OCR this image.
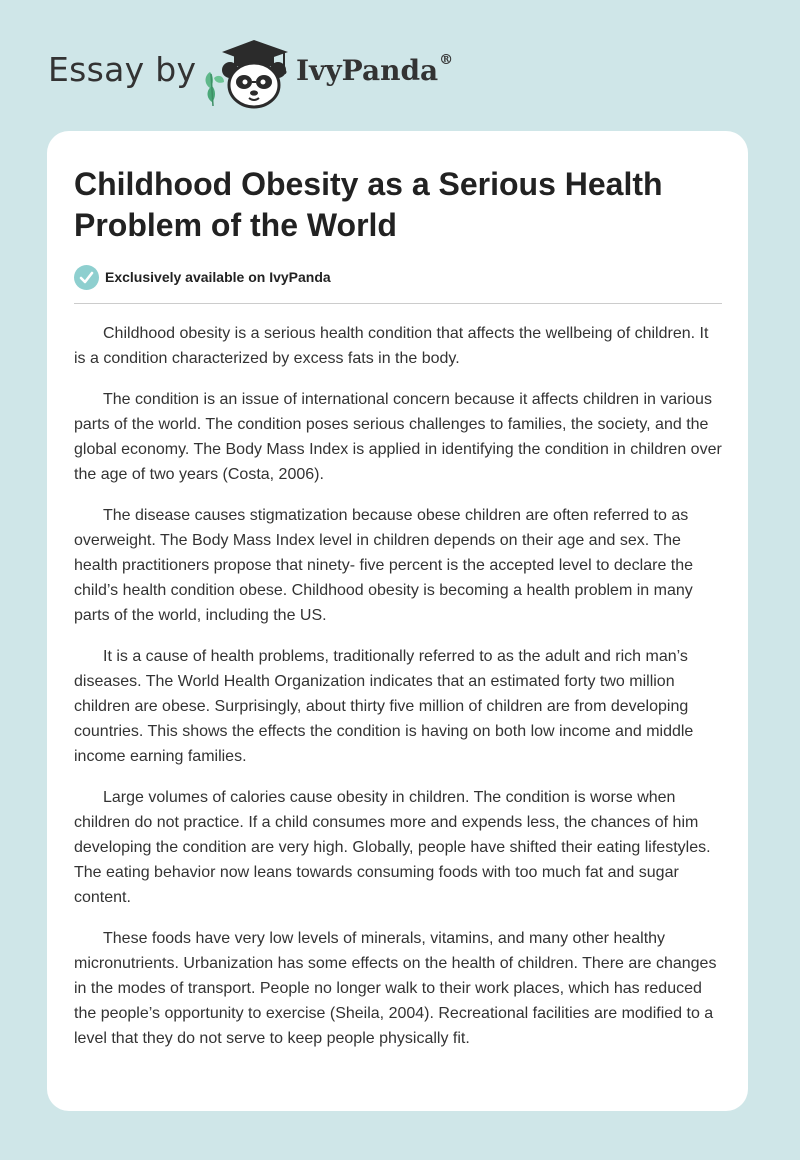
Essay by	IvyPanda®
Childhood Obesity as a Serious Health Problem of the World
Exclusively available on IvyPanda

Childhood obesity is a serious health condition that affects the wellbeing of children. It is a condition characterized by excess fats in the body.

The condition is an issue of international concern because it affects children in various parts of the world. The condition poses serious challenges to families, the society, and the global economy. The Body Mass Index is applied in identifying the condition in children over the age of two years (Costa, 2006).

The disease causes stigmatization because obese children are often referred to as overweight. The Body Mass Index level in children depends on their age and sex. The health practitioners propose that ninety- five percent is the accepted level to declare the child’s health condition obese. Childhood obesity is becoming a health problem in many parts of the world, including the US.

It is a cause of health problems, traditionally referred to as the adult and rich man’s diseases. The World Health Organization indicates that an estimated forty two million children are obese. Surprisingly, about thirty five million of children are from developing countries. This shows the effects the condition is having on both low income and middle income earning families.

Large volumes of calories cause obesity in children. The condition is worse when children do not practice. If a child consumes more and expends less, the chances of him developing the condition are very high. Globally, people have shifted their eating lifestyles. The eating behavior now leans towards consuming foods with too much fat and sugar content.

These foods have very low levels of minerals, vitamins, and many other healthy micronutrients. Urbanization has some effects on the health of children. There are changes in the modes of transport. People no longer walk to their work places, which has reduced the people’s opportunity to exercise (Sheila, 2004). Recreational facilities are modified to a level that they do not serve to keep people physically fit.
